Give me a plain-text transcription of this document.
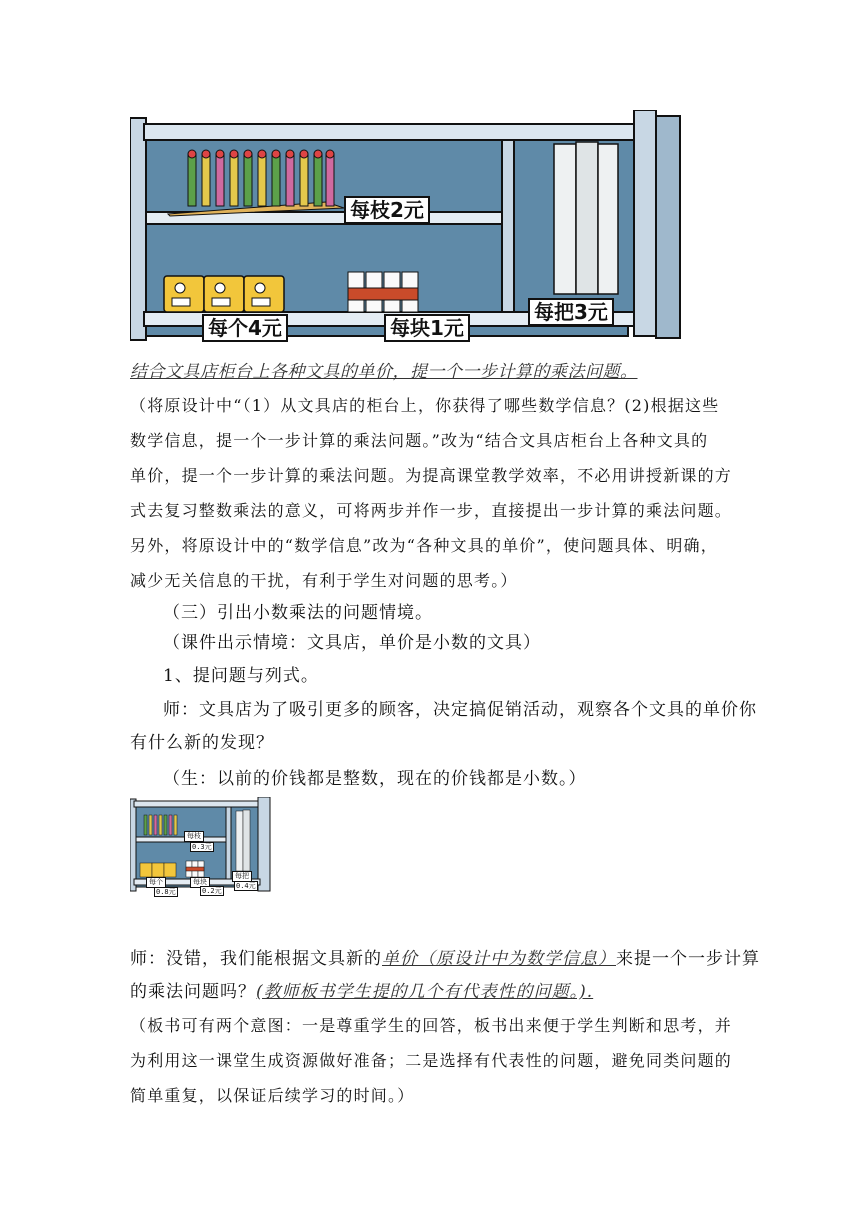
每枝2元
每个4元	每块1元
每把3元
结合文具店柜台上各种文具的单价，提一个一步计算的乘法问题。
（将原设计中“（1）从文具店的柜台上，你获得了哪些数学信息？(2)根据这些
数学信息，提一个一步计算的乘法问题。”改为“结合文具店柜台上各种文具的
单价，提一个一步计算的乘法问题。为提高课堂教学效率，不必用讲授新课的方
式去复习整数乘法的意义，可将两步并作一步，直接提出一步计算的乘法问题。
另外，将原设计中的“数学信息”改为“各种文具的单价”，使问题具体、明确，
减少无关信息的干扰，有利于学生对问题的思考。）
（三）引出小数乘法的问题情境。
（课件出示情境：文具店，单价是小数的文具）
1、提问题与列式。
师：文具店为了吸引更多的顾客，决定搞促销活动，观察各个文具的单价你
有什么新的发现？
（生：以前的价钱都是整数，现在的价钱都是小数。）
每枝
0.3元
每个
0.8元
每块
0.2元
每把
0.4元
师：没错，我们能根据文具新的单价（原设计中为数学信息）来提一个一步计算
的乘法问题吗？(教师板书学生提的几个有代表性的问题。).
（板书可有两个意图：一是尊重学生的回答，板书出来便于学生判断和思考，并
为利用这一课堂生成资源做好准备；二是选择有代表性的问题，避免同类问题的
简单重复，以保证后续学习的时间。）
